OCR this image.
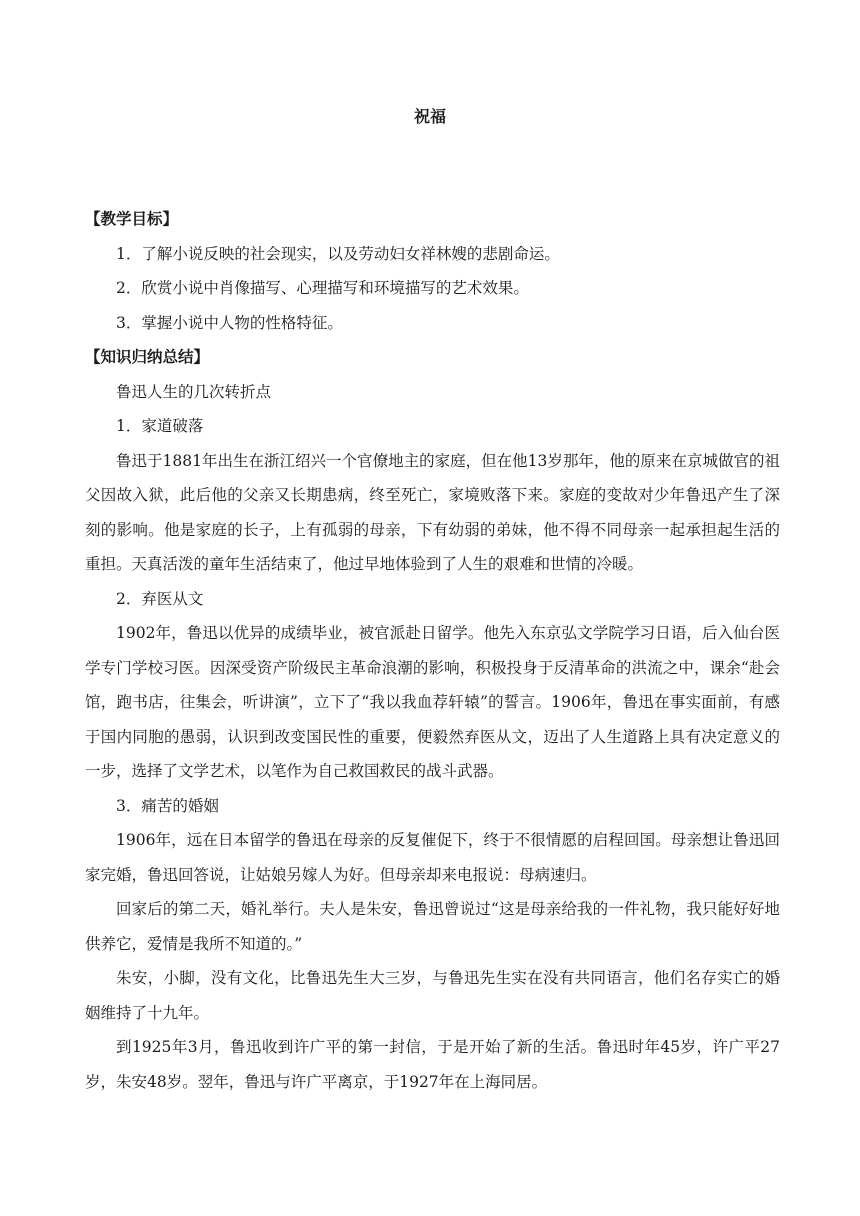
祝福

【教学目标】

1．了解小说反映的社会现实，以及劳动妇女祥林嫂的悲剧命运。

2．欣赏小说中肖像描写、心理描写和环境描写的艺术效果。

3．掌握小说中人物的性格特征。

【知识归纳总结】

鲁迅人生的几次转折点

1．家道破落

鲁迅于1881年出生在浙江绍兴一个官僚地主的家庭，但在他13岁那年，他的原来在京城做官的祖父因故入狱，此后他的父亲又长期患病，终至死亡，家境败落下来。家庭的变故对少年鲁迅产生了深刻的影响。他是家庭的长子，上有孤弱的母亲，下有幼弱的弟妹，他不得不同母亲一起承担起生活的重担。天真活泼的童年生活结束了，他过早地体验到了人生的艰难和世情的冷暖。

2．弃医从文

1902年，鲁迅以优异的成绩毕业，被官派赴日留学。他先入东京弘文学院学习日语，后入仙台医学专门学校习医。因深受资产阶级民主革命浪潮的影响，积极投身于反清革命的洪流之中，课余“赴会馆，跑书店，往集会，听讲演”，立下了“我以我血荐轩辕”的誓言。1906年，鲁迅在事实面前，有感于国内同胞的愚弱，认识到改变国民性的重要，便毅然弃医从文，迈出了人生道路上具有决定意义的一步，选择了文学艺术，以笔作为自己救国救民的战斗武器。

3．痛苦的婚姻

1906年，远在日本留学的鲁迅在母亲的反复催促下，终于不很情愿的启程回国。母亲想让鲁迅回家完婚，鲁迅回答说，让姑娘另嫁人为好。但母亲却来电报说：母病速归。

回家后的第二天，婚礼举行。夫人是朱安，鲁迅曾说过“这是母亲给我的一件礼物，我只能好好地供养它，爱情是我所不知道的。”

朱安，小脚，没有文化，比鲁迅先生大三岁，与鲁迅先生实在没有共同语言，他们名存实亡的婚姻维持了十九年。

到1925年3月，鲁迅收到许广平的第一封信，于是开始了新的生活。鲁迅时年45岁，许广平27岁，朱安48岁。翌年，鲁迅与许广平离京，于1927年在上海同居。
